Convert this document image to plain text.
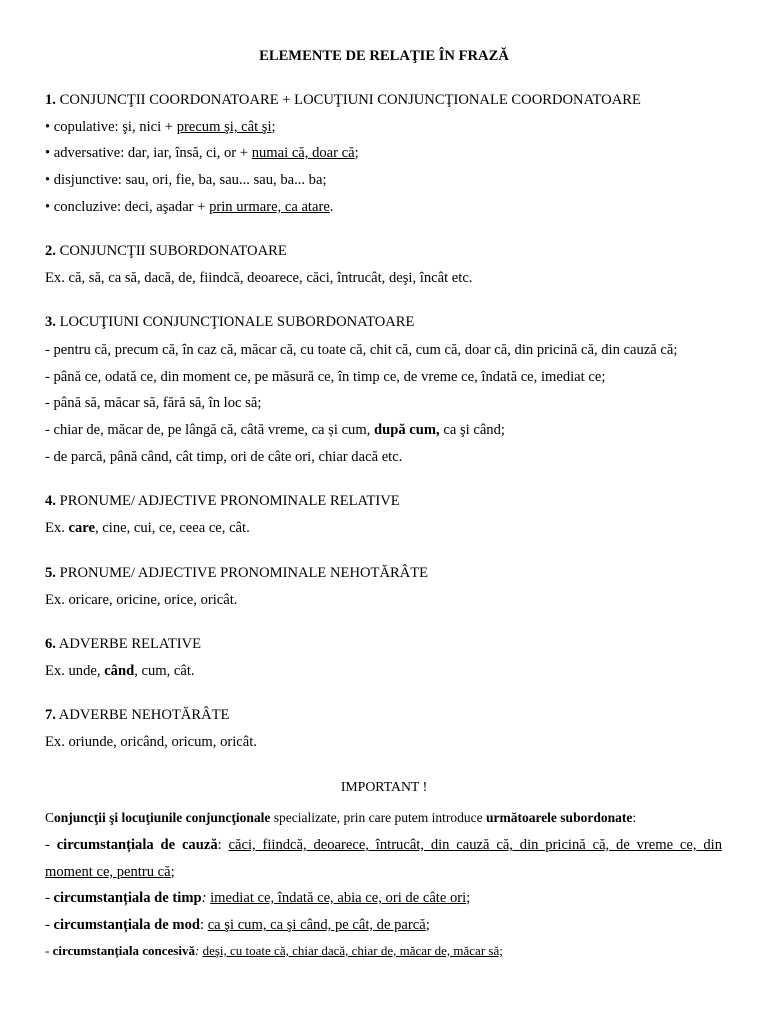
ELEMENTE DE RELAŢIE ÎN FRAZĂ
1. CONJUNCŢII COORDONATOARE + LOCUŢIUNI CONJUNCŢIONALE COORDONATOARE
• copulative: şi, nici + precum şi, cât şi;
• adversative: dar, iar, însă, ci, or + numai că, doar că;
• disjunctive: sau, ori, fie, ba, sau... sau, ba... ba;
• concluzive: deci, aşadar + prin urmare, ca atare.
2. CONJUNCŢII SUBORDONATOARE
Ex. că, să, ca să, dacă, de, fiindcă, deoarece, căci, întrucât, deşi, încât etc.
3. LOCUŢIUNI CONJUNCŢIONALE SUBORDONATOARE
- pentru că, precum că, în caz că, măcar că, cu toate că, chit că, cum că, doar că, din pricină că, din cauză că;
- până ce, odată ce, din moment ce, pe măsură ce, în timp ce, de vreme ce, îndată ce, imediat ce;
- până să, măcar să, fără să, în loc să;
- chiar de, măcar de, pe lângă că, câtă vreme, ca și cum, după cum, ca şi când;
- de parcă, până când, cât timp, ori de câte ori, chiar dacă etc.
4. PRONUME/ ADJECTIVE PRONOMINALE RELATIVE
Ex. care, cine, cui, ce, ceea ce, cât.
5. PRONUME/ ADJECTIVE PRONOMINALE NEHOTĂRÂTE
Ex. oricare, oricine, orice, oricât.
6. ADVERBE RELATIVE
Ex. unde, când, cum, cât.
7. ADVERBE NEHOTĂRÂTE
Ex. oriunde, oricând, oricum, oricât.
IMPORTANT !
Conjuncţii şi locuţiunile conjuncţionale specializate, prin care putem introduce următoarele subordonate:
- circumstanțiala de cauză: căci, fiindcă, deoarece, întrucât, din cauză că, din pricină că, de vreme ce, din
moment ce, pentru că;
- circumstanțiala de timp: imediat ce, îndată ce, abia ce, ori de câte ori;
- circumstanțiala de mod: ca şi cum, ca şi când, pe cât, de parcă;
- circumstanțiala concesivă: deşi, cu toate că, chiar dacă, chiar de, măcar de, măcar să;
